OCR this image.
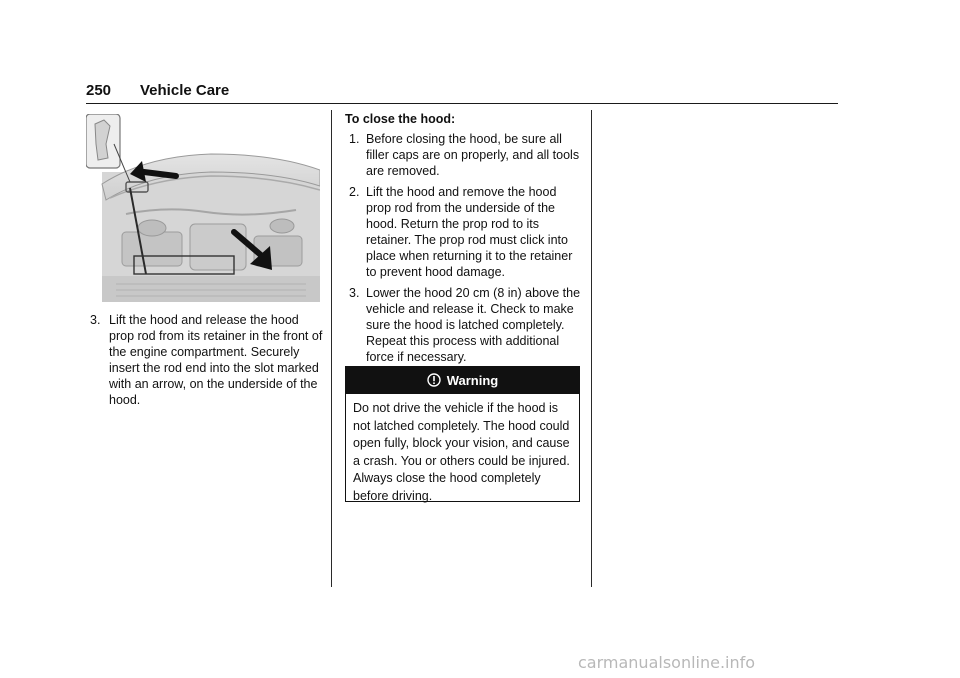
250 Vehicle Care
3. Lift the hood and release the hood prop rod from its retainer in the front of the engine compartment. Securely insert the rod end into the slot marked with an arrow, on the underside of the hood.
To close the hood:
1. Before closing the hood, be sure all filler caps are on properly, and all tools are removed.
2. Lift the hood and remove the hood prop rod from the underside of the hood. Return the prop rod to its retainer. The prop rod must click into place when returning it to the retainer to prevent hood damage.
3. Lower the hood 20 cm (8 in) above the vehicle and release it. Check to make sure the hood is latched completely. Repeat this process with additional force if necessary.
Warning
Do not drive the vehicle if the hood is not latched completely. The hood could open fully, block your vision, and cause a crash. You or others could be injured. Always close the hood completely before driving.
carmanualsonline.info
